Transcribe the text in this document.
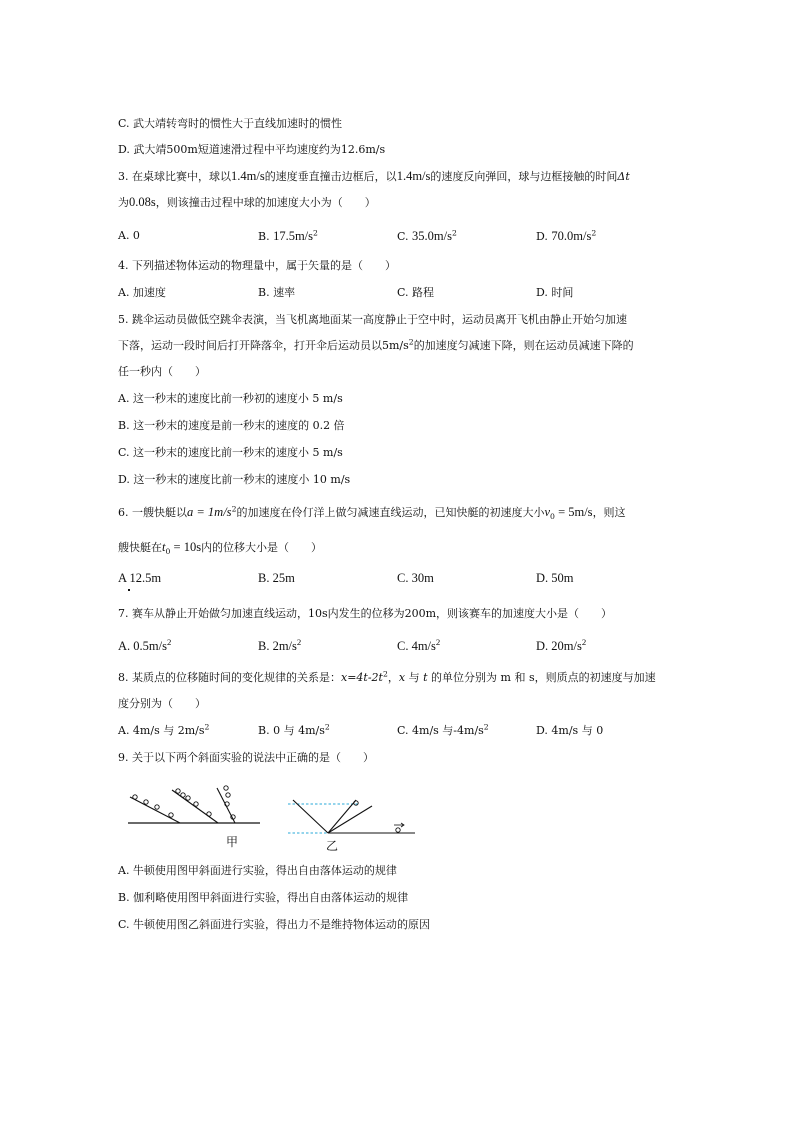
C. 武大靖转弯时的惯性大于直线加速时的惯性
D. 武大靖500m短道速滑过程中平均速度约为12.6m/s
3. 在桌球比赛中，球以1.4m/s的速度垂直撞击边框后，以1.4m/s的速度反向弹回，球与边框接触的时间Δt
为0.08s，则该撞击过程中球的加速度大小为（　　）
A. 0	B. $17.5m/s^2$	C. $35.0m/s^2$	D. $70.0m/s^2$
4. 下列描述物体运动的物理量中，属于矢量的是（　　）
A. 加速度	B. 速率	C. 路程	D. 时间
5. 跳伞运动员做低空跳伞表演，当飞机离地面某一高度静止于空中时，运动员离开飞机由静止开始匀加速
下落，运动一段时间后打开降落伞，打开伞后运动员以$5m/s^2$的加速度匀减速下降，则在运动员减速下降的
任一秒内（　　）
A. 这一秒末的速度比前一秒初的速度小 5 m/s
B. 这一秒末的速度是前一秒末的速度的 0.2 倍
C. 这一秒末的速度比前一秒末的速度小 5 m/s
D. 这一秒末的速度比前一秒末的速度小 10 m/s
6. 一艘快艇以$a = 1m/s^2$的加速度在伶仃洋上做匀减速直线运动，已知快艇的初速度大小$v_0 = 5m/s$，则这
艘快艇在$t_0 = 10s$内的位移大小是（　　）
A 12.5m	B. 25m	C. 30m	D. 50m
7. 赛车从静止开始做匀加速直线运动，10s内发生的位移为200m，则该赛车的加速度大小是（　　）
A. $0.5m/s^2$	B. $2m/s^2$	C. $4m/s^2$	D. $20m/s^2$
8. 某质点的位移随时间的变化规律的关系是：$x=4t-2t^2$，x 与 t 的单位分别为 m 和 s，则质点的初速度与加速
度分别为（　　）
A. 4m/s 与 $2m/s^2$	B. 0 与 $4m/s^2$	C. 4m/s 与$-4m/s^2$	D. 4m/s 与 0
9. 关于以下两个斜面实验的说法中正确的是（　　）
甲	乙
A. 牛顿使用图甲斜面进行实验，得出自由落体运动的规律
B. 伽利略使用图甲斜面进行实验，得出自由落体运动的规律
C. 牛顿使用图乙斜面进行实验，得出力不是维持物体运动的原因
